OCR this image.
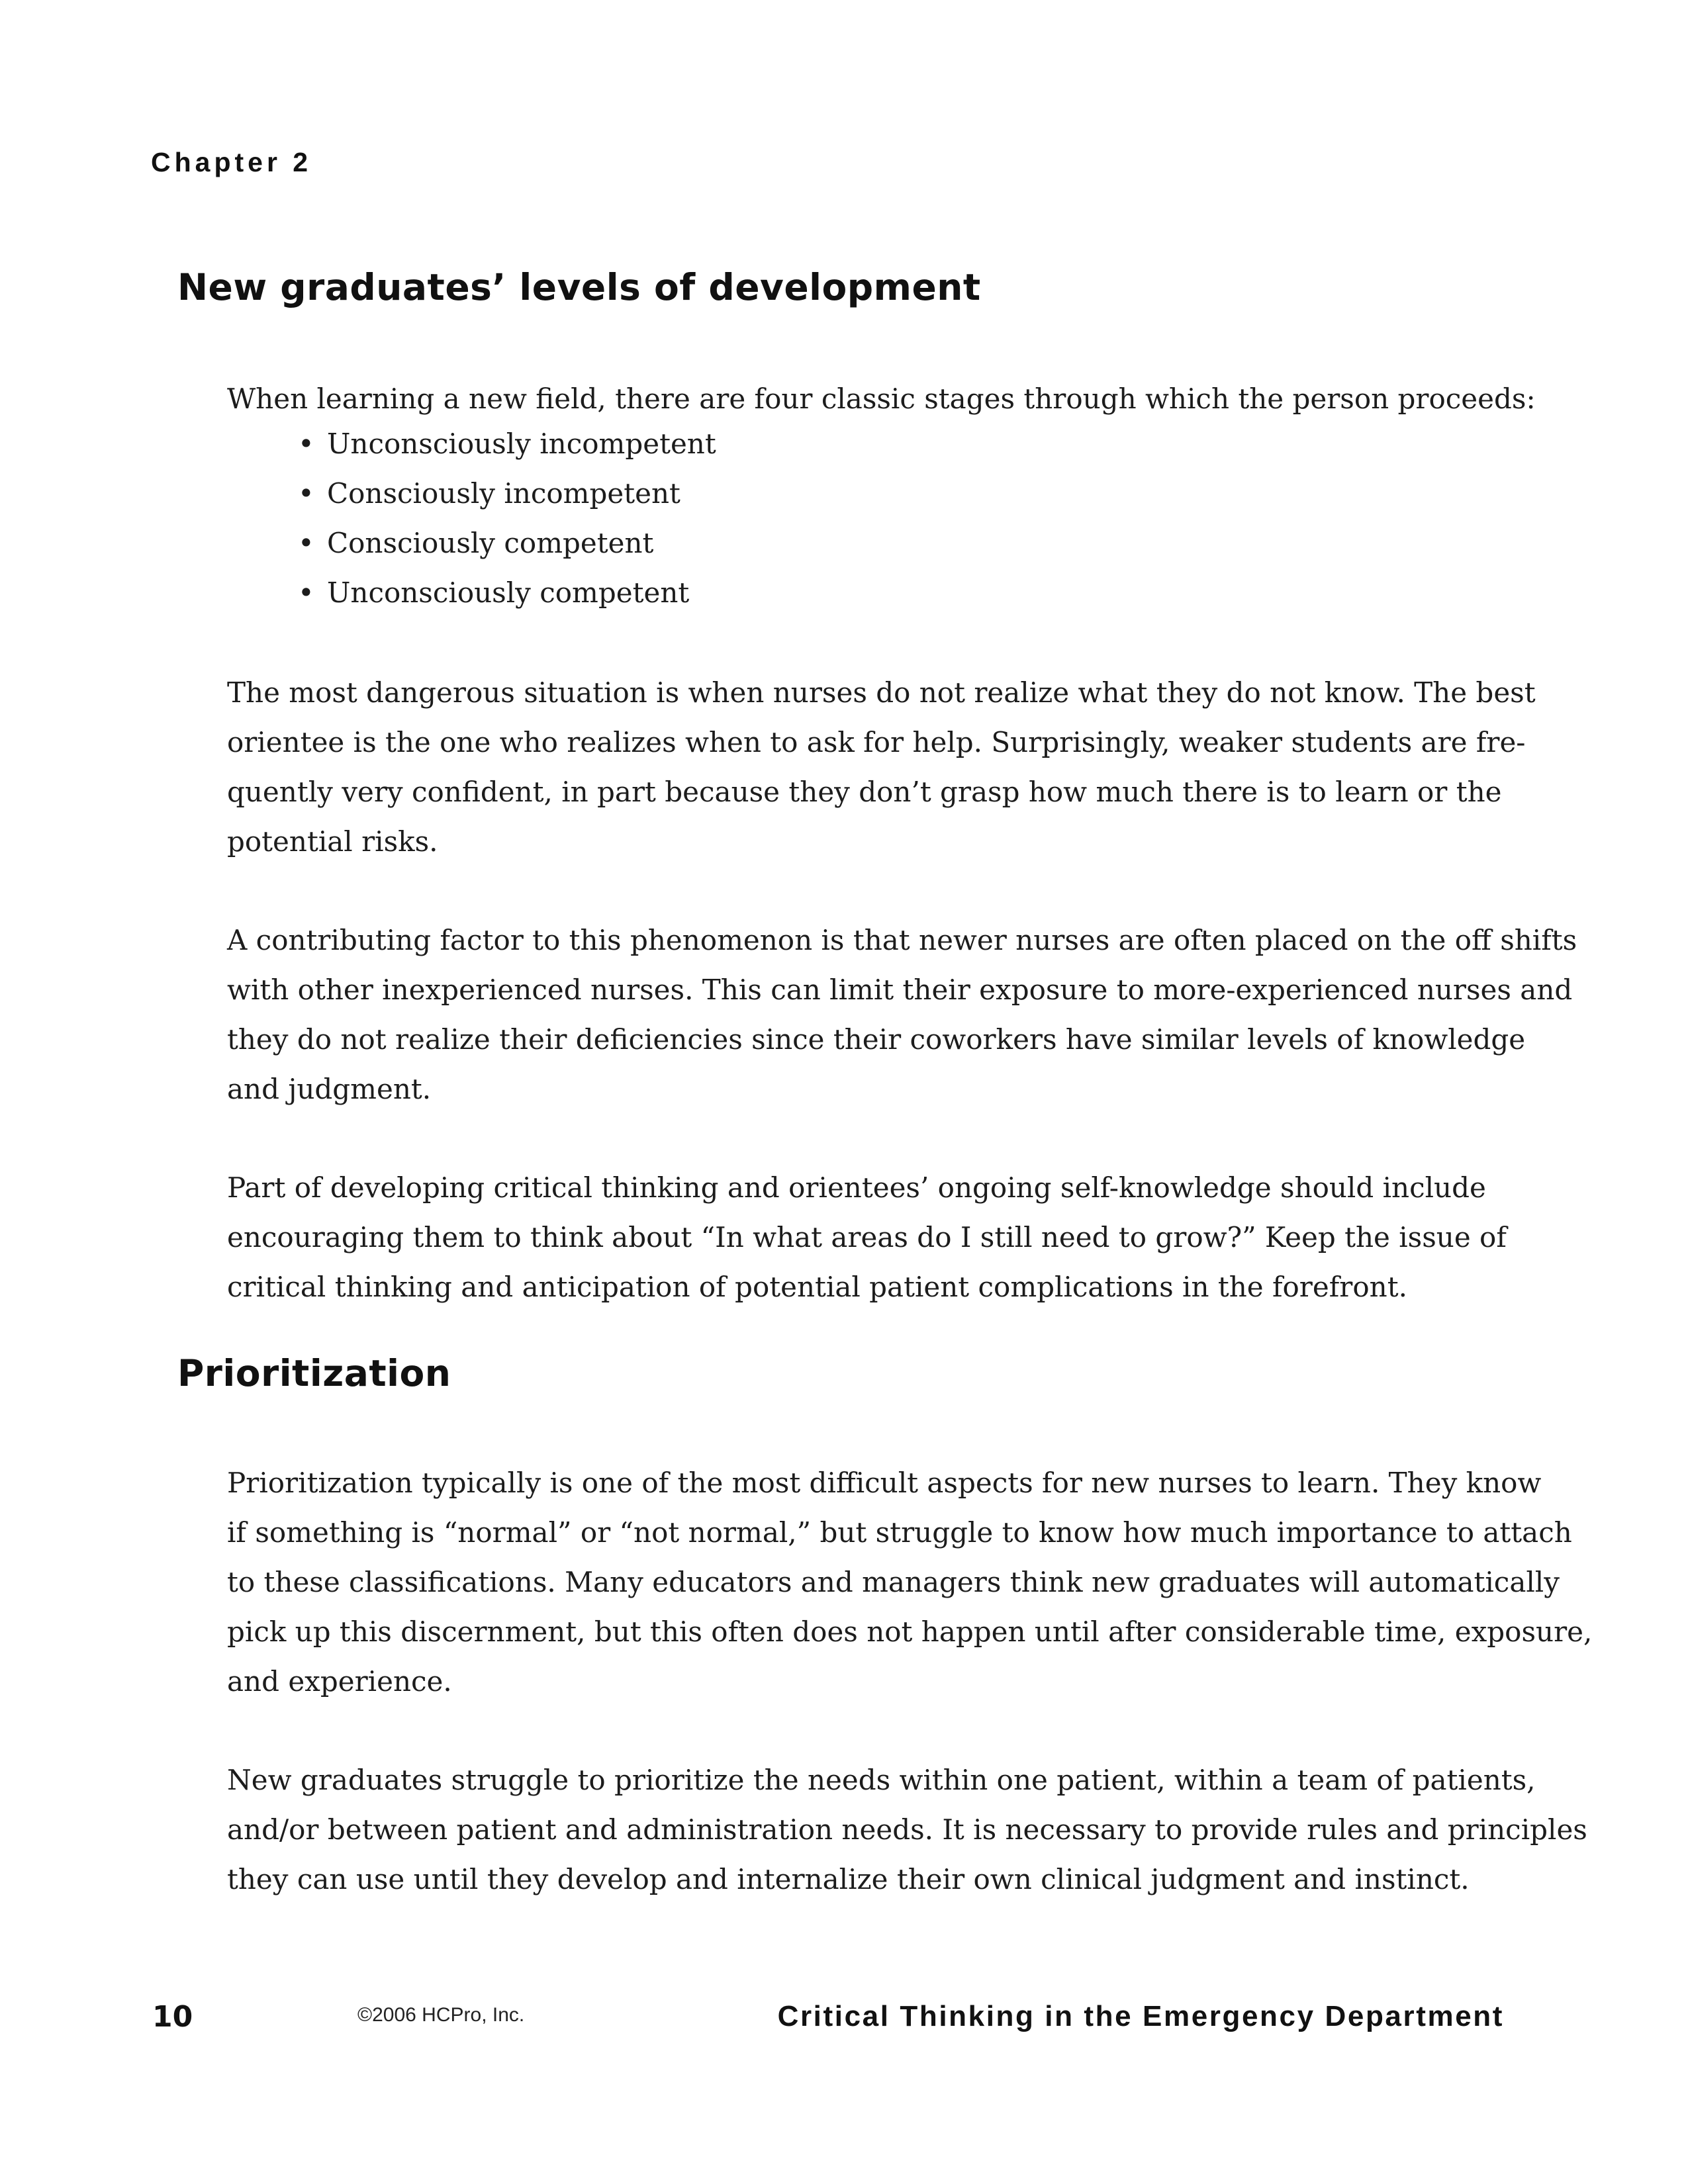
Chapter 2
New graduates’ levels of development

When learning a new field, there are four classic stages through which the person proceeds:

• Unconsciously incompetent
• Consciously incompetent
• Consciously competent
• Unconsciously competent

The most dangerous situation is when nurses do not realize what they do not know. The best
orientee is the one who realizes when to ask for help. Surprisingly, weaker students are fre-
quently very confident, in part because they don’t grasp how much there is to learn or the
potential risks.

A contributing factor to this phenomenon is that newer nurses are often placed on the off shifts
with other inexperienced nurses. This can limit their exposure to more-experienced nurses and
they do not realize their deficiencies since their coworkers have similar levels of knowledge
and judgment.

Part of developing critical thinking and orientees’ ongoing self-knowledge should include
encouraging them to think about “In what areas do I still need to grow?” Keep the issue of
critical thinking and anticipation of potential patient complications in the forefront.

Prioritization

Prioritization typically is one of the most difficult aspects for new nurses to learn. They know
if something is “normal” or “not normal,” but struggle to know how much importance to attach
to these classifications. Many educators and managers think new graduates will automatically
pick up this discernment, but this often does not happen until after considerable time, exposure,
and experience.

New graduates struggle to prioritize the needs within one patient, within a team of patients,
and/or between patient and administration needs. It is necessary to provide rules and principles
they can use until they develop and internalize their own clinical judgment and instinct.

10	©2006 HCPro, Inc.	Critical Thinking in the Emergency Department
